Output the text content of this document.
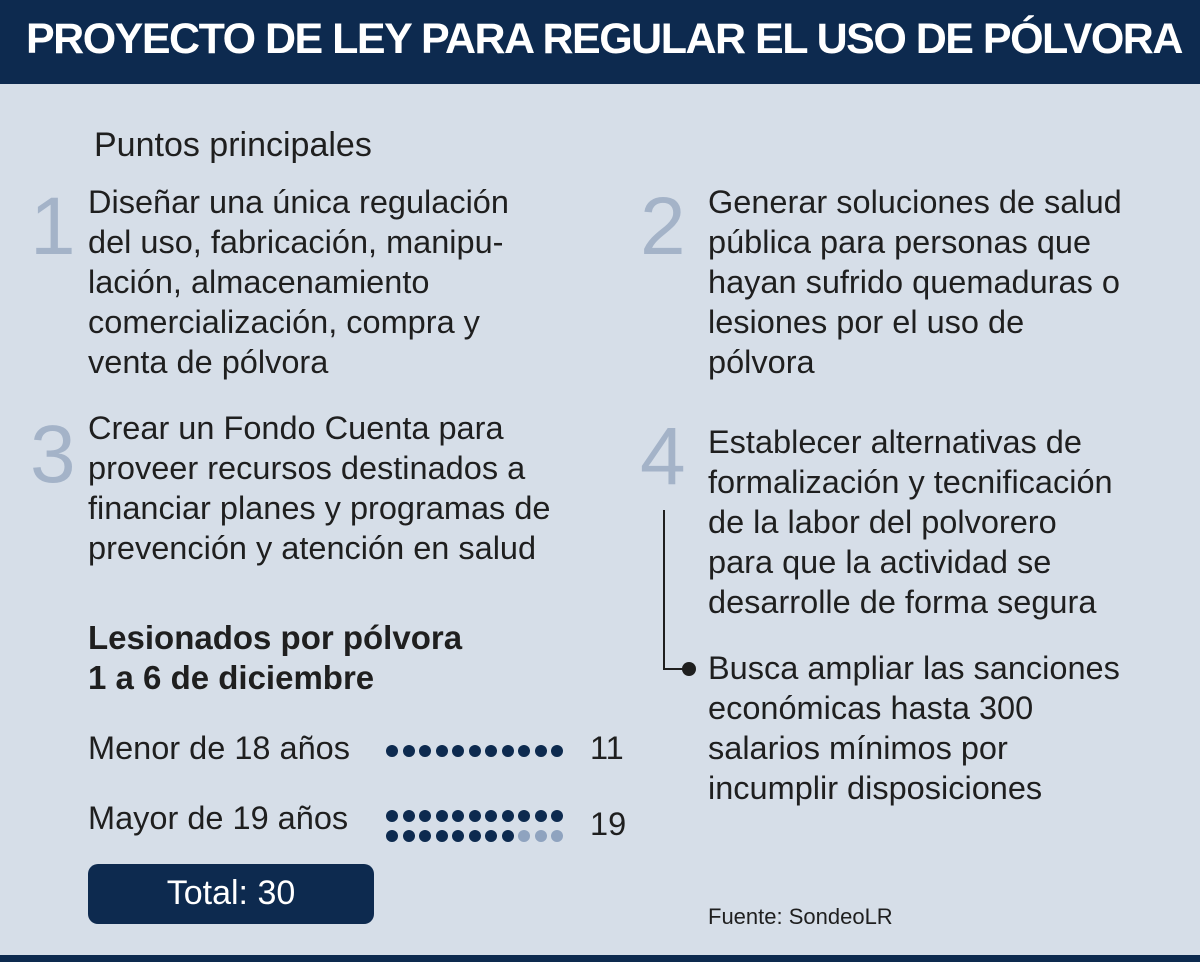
PROYECTO DE LEY PARA REGULAR EL USO DE PÓLVORA
Puntos principales
1 Diseñar una única regulación
del uso, fabricación, manipu-
lación, almacenamiento
comercialización, compra y
venta de pólvora
2 Generar soluciones de salud
pública para personas que
hayan sufrido quemaduras o
lesiones por el uso de
pólvora
3 Crear un Fondo Cuenta para
proveer recursos destinados a
financiar planes y programas de
prevención y atención en salud
4 Establecer alternativas de
formalización y tecnificación
de la labor del polvorero
para que la actividad se
desarrolle de forma segura
Busca ampliar las sanciones
económicas hasta 300
salarios mínimos por
incumplir disposiciones
Lesionados por pólvora
1 a 6 de diciembre
Menor de 18 años	11
Mayor de 19 años	19
Total: 30
Fuente: SondeoLR
